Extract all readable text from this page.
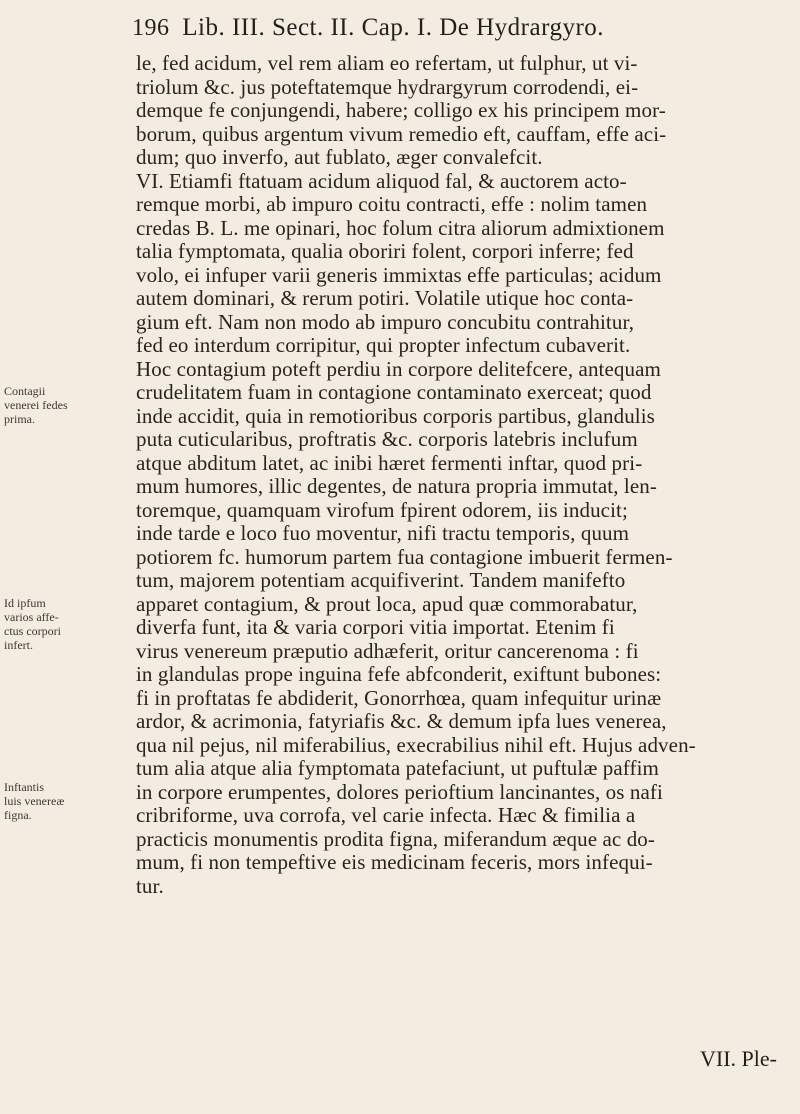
196 Lib. III. Sect. II. Cap. I. De Hydrargyro.
le, fed acidum, vel rem aliam eo refertam, ut fulphur, ut vi-
triolum &c. jus poteftatemque hydrargyrum corrodendi, ei-
demque fe conjungendi, habere; colligo ex his principem mor-
borum, quibus argentum vivum remedio eft, cauffam, effe aci-
dum; quo inverfo, aut fublato, æger convalefcit.
VI. Etiamfi ftatuam acidum aliquod fal, & auctorem acto-
remque morbi, ab impuro coitu contracti, effe : nolim tamen
credas B. L. me opinari, hoc folum citra aliorum admixtionem
talia fymptomata, qualia oboriri folent, corpori inferre; fed
volo, ei infuper varii generis immixtas effe particulas; acidum
autem dominari, & rerum potiri. Volatile utique hoc conta-
gium eft. Nam non modo ab impuro concubitu contrahitur,
fed eo interdum corripitur, qui propter infectum cubaverit.
Hoc contagium poteft perdiu in corpore delitefcere, antequam
crudelitatem fuam in contagione contaminato exerceat; quod
inde accidit, quia in remotioribus corporis partibus, glandulis
puta cuticularibus, proftratis &c. corporis latebris inclufum
atque abditum latet, ac inibi hæret fermenti inftar, quod pri-
mum humores, illic degentes, de natura propria immutat, len-
toremque, quamquam virofum fpirent odorem, iis inducit;
inde tarde e loco fuo moventur, nifi tractu temporis, quum
potiorem fc. humorum partem fua contagione imbuerit fermen-
tum, majorem potentiam acquifiverint. Tandem manifefto
apparet contagium, & prout loca, apud quæ commorabatur,
diverfa funt, ita & varia corpori vitia importat. Etenim fi
virus venereum præputio adhæferit, oritur cancerenoma : fi
in glandulas prope inguina fefe abfconderit, exiftunt bubones:
fi in proftatas fe abdiderit, Gonorrhœa, quam infequitur urinæ
ardor, & acrimonia, fatyriafis &c. & demum ipfa lues venerea,
qua nil pejus, nil miferabilius, execrabilius nihil eft. Hujus adven-
tum alia atque alia fymptomata patefaciunt, ut puftulæ paffim
in corpore erumpentes, dolores perioftium lancinantes, os nafi
cribriforme, uva corrofa, vel carie infecta. Hæc & fimilia a
practicis monumentis prodita figna, miferandum æque ac do-
mum, fi non tempeftive eis medicinam feceris, mors infequi-
tur.
Contagii
venerei fedes
prima.
Id ipfum
varios affe-
ctus corpori
infert.
Inftantis
luis venereæ
figna.
VII. Ple-
